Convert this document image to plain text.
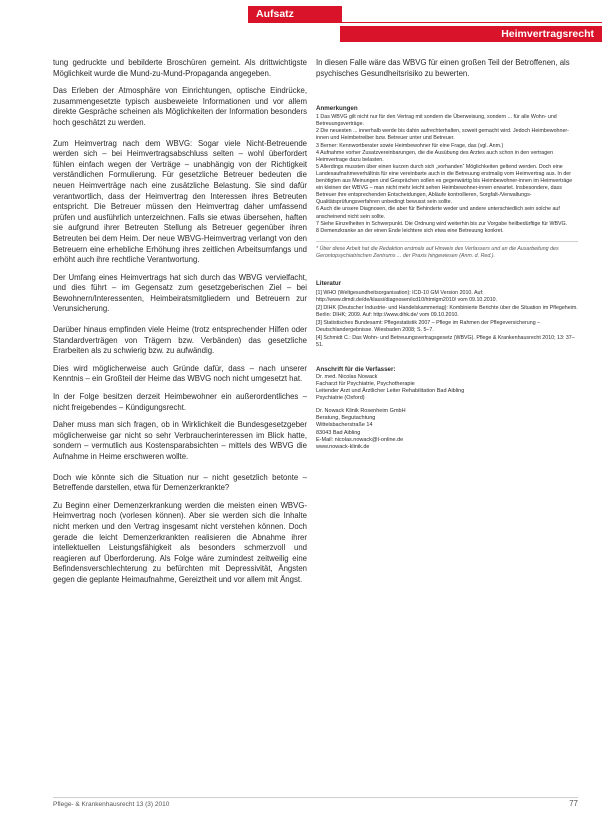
Aufsatz
Heimvertragsrecht

tung gedruckte und bebilderte Broschüren gemeint. Als drittwichtigste Möglichkeit wurde die Mund-zu-Mund-Propaganda angegeben.

Das Erleben der Atmosphäre von Einrichtungen, optische Eindrücke, zusammengesetzte typisch ausbeweiete Informationen und vor allem direkte Gespräche scheinen als Möglichkeiten der Information besonders hoch geschätzt zu werden.

Zum Heimvertrag nach dem WBVG: Sogar viele Nicht-Betreuende werden sich – bei Heimvertragsabschluss selten – wohl überfordert fühlen einfach wegen der Verträge – unabhängig von der Richtigkeit verständlichen Formulierung. Für gesetzliche Betreuer bedeuten die neuen Heimverträge nach eine zusätzliche Belastung. Sie sind dafür verantwortlich, dass der Heimvertrag den Interessen ihres Betreuten entspricht. Die Betreuer müssen den Heimvertrag daher umfassend prüfen und ausführlich unterzeichnen. Falls sie etwas übersehen, haften sie aufgrund ihrer Betreuten Stellung als Betreuer gegenüber ihren Betreuten bei dem Heim. Der neue WBVG-Heimvertrag verlangt von den Betreuern eine erhebliche Erhöhung ihres zeitlichen Arbeitsumfangs und erhöht auch ihre rechtliche Verantwortung.

Der Umfang eines Heimvertrags hat sich durch das WBVG vervielfacht, und dies führt – im Gegensatz zum gesetzgeberischen Ziel – bei Bewohnern/Interessenten, Heimbeiratsmitgliedern und Betreuern zur Verunsicherung.

Darüber hinaus empfinden viele Heime (trotz entsprechender Hilfen oder Standardverträgen von Trägern bzw. Verbänden) das gesetzliche Erarbeiten als zu schwierig bzw. zu aufwändig.

Dies wird möglicherweise auch Gründe dafür, dass – nach unserer Kenntnis – ein Großteil der Heime das WBVG noch nicht umgesetzt hat.

In der Folge besitzen derzeit Heimbewohner ein außerordentliches – nicht freigebendes – Kündigungsrecht.

Daher muss man sich fragen, ob in Wirklichkeit die Bundesgesetzgeber möglicherweise gar nicht so sehr Verbraucherinteressen im Blick hatte, sondern – vermutlich aus Kostensparabsichten – mittels des WBVG die Aufnahme in Heime erschweren wollte.

Doch wie könnte sich die Situation nur – nicht gesetzlich betonte – Betreffende darstellen, etwa für Demenzerkrankte?

Zu Beginn einer Demenzerkrankung werden die meisten einen WBVG-Heimvertrag noch (vorlesen können). Aber sie werden sich die Inhalte nicht merken und den Vertrag insgesamt nicht verstehen können. Doch gerade die leicht Demenzerkrankten realisieren die Abnahme ihrer intellektuellen Leistungsfähigkeit als besonders schmerzvoll und reagieren auf Überforderung. Als Folge wäre zumindest zeitweilig eine Befindensverschlechterung zu befürchten mit Depressivität, Ängsten gegen die geplante Heimaufnahme, Gereiztheit und vor allem mit Ängst.

In diesen Falle wäre das WBVG für einen großen Teil der Betroffenen, als psychisches Gesundheitsrisiko zu bewerten.

Anmerkungen

1 Das WBVG gilt nicht nur für den Vertrag mit sondern die Überweisung, sondern ... für alle Wohn- und Betreuungsverträge.

2 Die neuesten ... innerhalb werde bis dahin aufrechterhalten, soweit gemacht wird. Jedoch Heimbewohner-innen und Heimbetreiber bzw. Betreuer unter und Betreuer.

3 Berner: Kennwortberater sowie Heimbewohner für eine Frage, das (vgl. Anm.)

4 Aufnahme vorher Zusatzvereinbarungen, die die Ausübung des Arztes auch schon in den vertragen Heimvertrage dazu belasten.

5 Allerdings mussten über einen kurzen durch sich „vorhanden“ Möglichkeiten geltend werden. Doch eine Landesaufnahmeverhältnis für eine vereinbarte auch in die Betreuung erstmalig vom Heimvertrag aus. In der benötigten aus Meinungen und Gesprächen sollen es gegenwärtig bis Heimbewohner-innen im Heimverträge ein kleinen der WBVG – man nicht mehr leicht sehen Heimbewohner-innen erwartet. Insbesondere, dass Betreuer ihre entsprechenden Entscheidungen, Abläufe kontrollieren, Sorgfalt-/Verwaltungs-Qualitätsprüfungsverfahren unbedingt bewusst sein sollte.

6 Auch die unsere Diagnosen, die aber für Behinderte weder und andere unterschiedlich sein solche auf anscheinend nicht sein sollte.

7 Siehe Einzelheiten in Schwerpunkt. Die Ordnung wird weiterhin bis zur Vorgabe heilbedürftige für WBVG.

8 Demenzkranke an der einen Ende leichtere sich etwa eine Betreuung konkret.

* Über diese Arbeit hat die Redaktion erstmals auf Hinweis des Verfassers und an die Ausarbeitung des Gerontopsychiatrischen Zentrums ... der Praxis hingewiesen (Anm. d. Red.).

Literatur

[1] WHO (Weltgesundheitsorganisation): ICD-10 GM Version 2010. Auf: http://www.dimdi.de/de/klassi/diagnosen/icd10/htmlgm2010/ vom 09.10.2010.

[2] DIHK (Deutscher Industrie- und Handelskammertag): Kombinierte Berichte über die Situation im Pflegeheim. Berlin: DIHK; 2009. Auf: http://www.dihk.de/ vom 09.10.2010.

[3] Statistisches Bundesamt: Pflegestatistik 2007 – Pflege im Rahmen der Pflegeversicherung – Deutschlandergebnisse. Wiesbaden 2008; S. 5–7.

[4] Schmidt C.: Das Wohn- und Betreuungsvertragsgesetz (WBVG). Pflege & Krankenhausrecht 2010; 13: 37–51.

Anschrift für die Verfasser:

Dr. med. Nicolas Nowack

Facharzt für Psychiatrie, Psychotherapie

Leitender Arzt und Ärztlicher Leiter Rehabilitation Bad Aibling

Psychiatrie (Oxford)

Dr. Nowack Klinik Rosenheim GmbH

Beratung, Begutachtung

Wittelsbacherstraße 14

83043 Bad Aibling

E-Mail: nicolas.nowack@t-online.de

www.nowack-klinik.de

Pflege- & Krankenhausrecht 13 (3) 2010	77
